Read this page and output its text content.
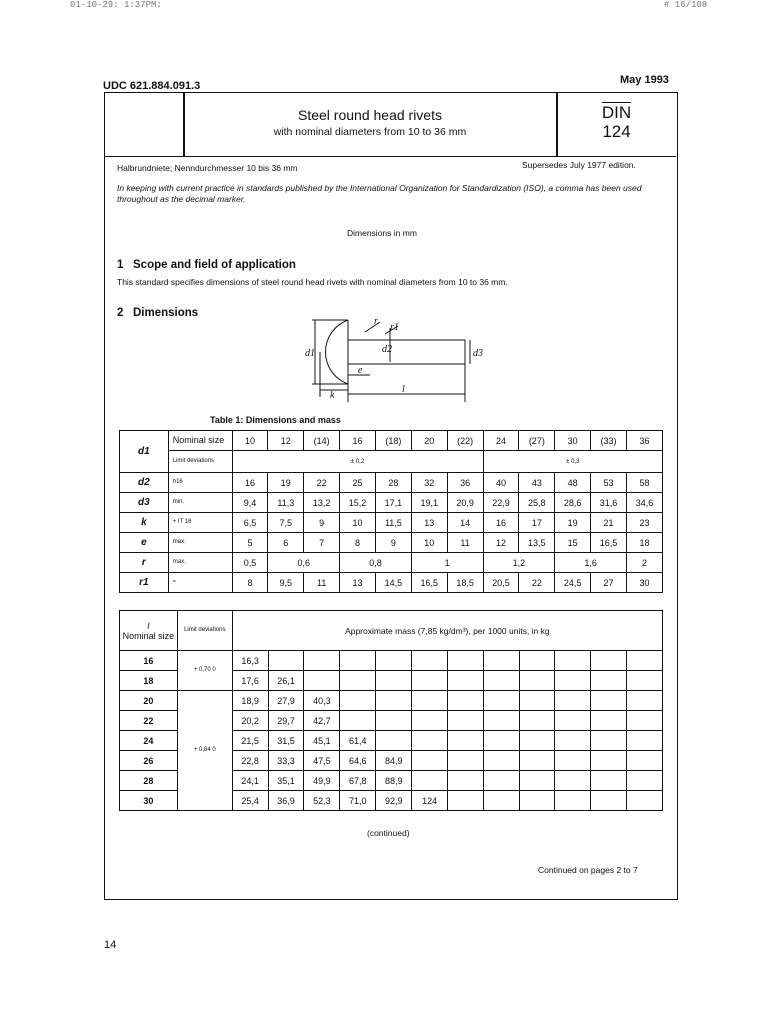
01-10-29: 1:37PM:	# 16/108
UDC 621.884.091.3	May 1993
Steel round head rivets
with nominal diameters from 10 to 36 mm
$\overline{DIN}$
124
Halbrundniete; Nenndurchmesser 10 bis 36 mm	Supersedes July 1977 edition.
In keeping with current practice in standards published by the International Organization for Standardization (ISO), a comma has been used throughout as the decimal marker.
Dimensions in mm
1 Scope and field of application
This standard specifies dimensions of steel round head rivets with nominal diameters from 10 to 36 mm.
2 Dimensions
d1	d2	d3
r
r1
e
k
l
Table 1: Dimensions and mass
d1	Nominal size	10	12	(14)	16	(18)	20	(22)	24	(27)	30	(33)	36
	Limit deviations	± 0,2							± 0,3				
d2	h16	16	19	22	25	28	32	36	40	43	48	53	58
d3	min.	9,4	11,3	13,2	15,2	17,1	19,1	20,9	22,9	25,8	28,6	31,6	34,6
k	+ IT 16	6,5	7,5	9	10	11,5	13	14	16	17	19	21	23
e	max.	5	6	7	8	9	10	11	12	13,5	15	16,5	18
r	max.	0,5	0,6		0,8		1		1,2		1,6		2
r1	≈	8	9,5	11	13	14,5	16,5	18,5	20,5	22	24,5	27	30
l
Nominal size	Limit deviations	Approximate mass (7,85 kg/dm³), per 1000 units, in kg											
16	+ 0,70 0	16,3											
18		17,6	26,1										
20	+ 0,84 0	18,9	27,9	40,3									
22		20,2	29,7	42,7									
24		21,5	31,5	45,1	61,4								
26		22,8	33,3	47,5	64,6	84,9							
28		24,1	35,1	49,9	67,8	88,9							
30		25,4	36,9	52,3	71,0	92,9	124						
(continued)
Continued on pages 2 to 7
14
